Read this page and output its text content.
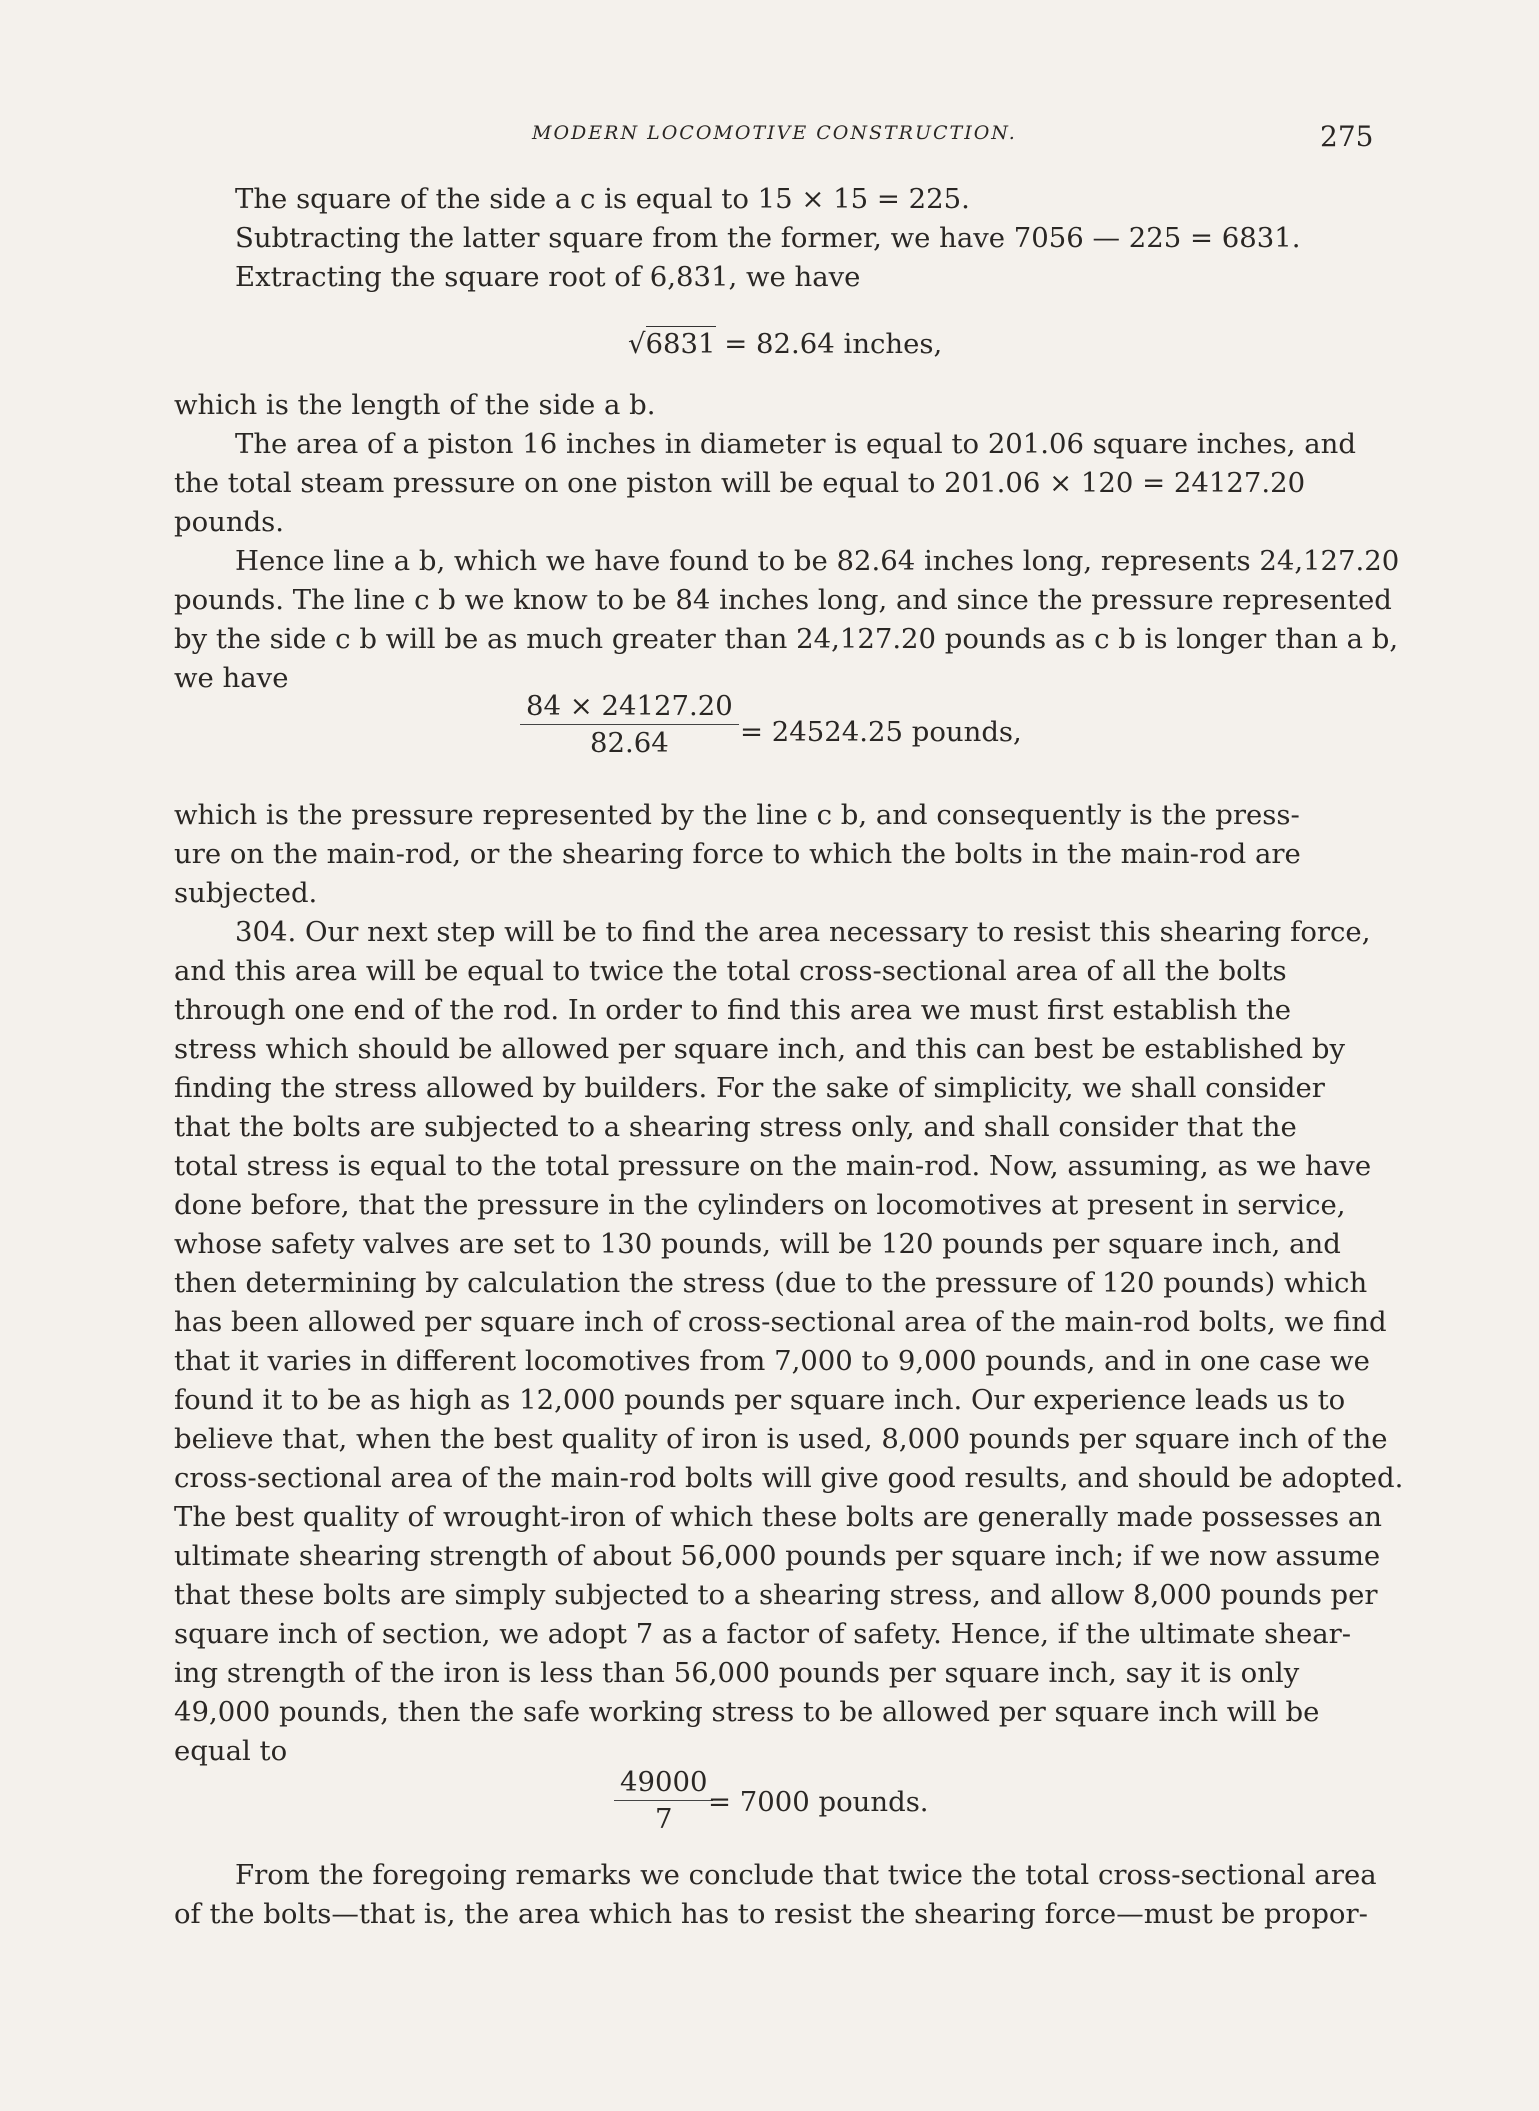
MODERN LOCOMOTIVE CONSTRUCTION.	275
The square of the side a c is equal to 15 × 15 = 225.
Subtracting the latter square from the former, we have 7056 — 225 = 6831.
Extracting the square root of 6,831, we have
√6831 = 82.64 inches,
which is the length of the side a b.
The area of a piston 16 inches in diameter is equal to 201.06 square inches, and
the total steam pressure on one piston will be equal to 201.06 × 120 = 24127.20
pounds.
Hence line a b, which we have found to be 82.64 inches long, represents 24,127.20
pounds. The line c b we know to be 84 inches long, and since the pressure represented
by the side c b will be as much greater than 24,127.20 pounds as c b is longer than a b,
we have
$\frac{84 \times 24127.20}{82.64} = 24524.25$ pounds,
which is the pressure represented by the line c b, and consequently is the press-
ure on the main-rod, or the shearing force to which the bolts in the main-rod are
subjected.
304. Our next step will be to find the area necessary to resist this shearing force,
and this area will be equal to twice the total cross-sectional area of all the bolts
through one end of the rod. In order to find this area we must first establish the
stress which should be allowed per square inch, and this can best be established by
finding the stress allowed by builders. For the sake of simplicity, we shall consider
that the bolts are subjected to a shearing stress only, and shall consider that the
total stress is equal to the total pressure on the main-rod. Now, assuming, as we have
done before, that the pressure in the cylinders on locomotives at present in service,
whose safety valves are set to 130 pounds, will be 120 pounds per square inch, and
then determining by calculation the stress (due to the pressure of 120 pounds) which
has been allowed per square inch of cross-sectional area of the main-rod bolts, we find
that it varies in different locomotives from 7,000 to 9,000 pounds, and in one case we
found it to be as high as 12,000 pounds per square inch. Our experience leads us to
believe that, when the best quality of iron is used, 8,000 pounds per square inch of the
cross-sectional area of the main-rod bolts will give good results, and should be adopted.
The best quality of wrought-iron of which these bolts are generally made possesses an
ultimate shearing strength of about 56,000 pounds per square inch; if we now assume
that these bolts are simply subjected to a shearing stress, and allow 8,000 pounds per
square inch of section, we adopt 7 as a factor of safety. Hence, if the ultimate shear-
ing strength of the iron is less than 56,000 pounds per square inch, say it is only
49,000 pounds, then the safe working stress to be allowed per square inch will be
equal to
$\frac{49000}{7}$
= 7000 pounds.
From the foregoing remarks we conclude that twice the total cross-sectional area
of the bolts—that is, the area which has to resist the shearing force—must be propor-
